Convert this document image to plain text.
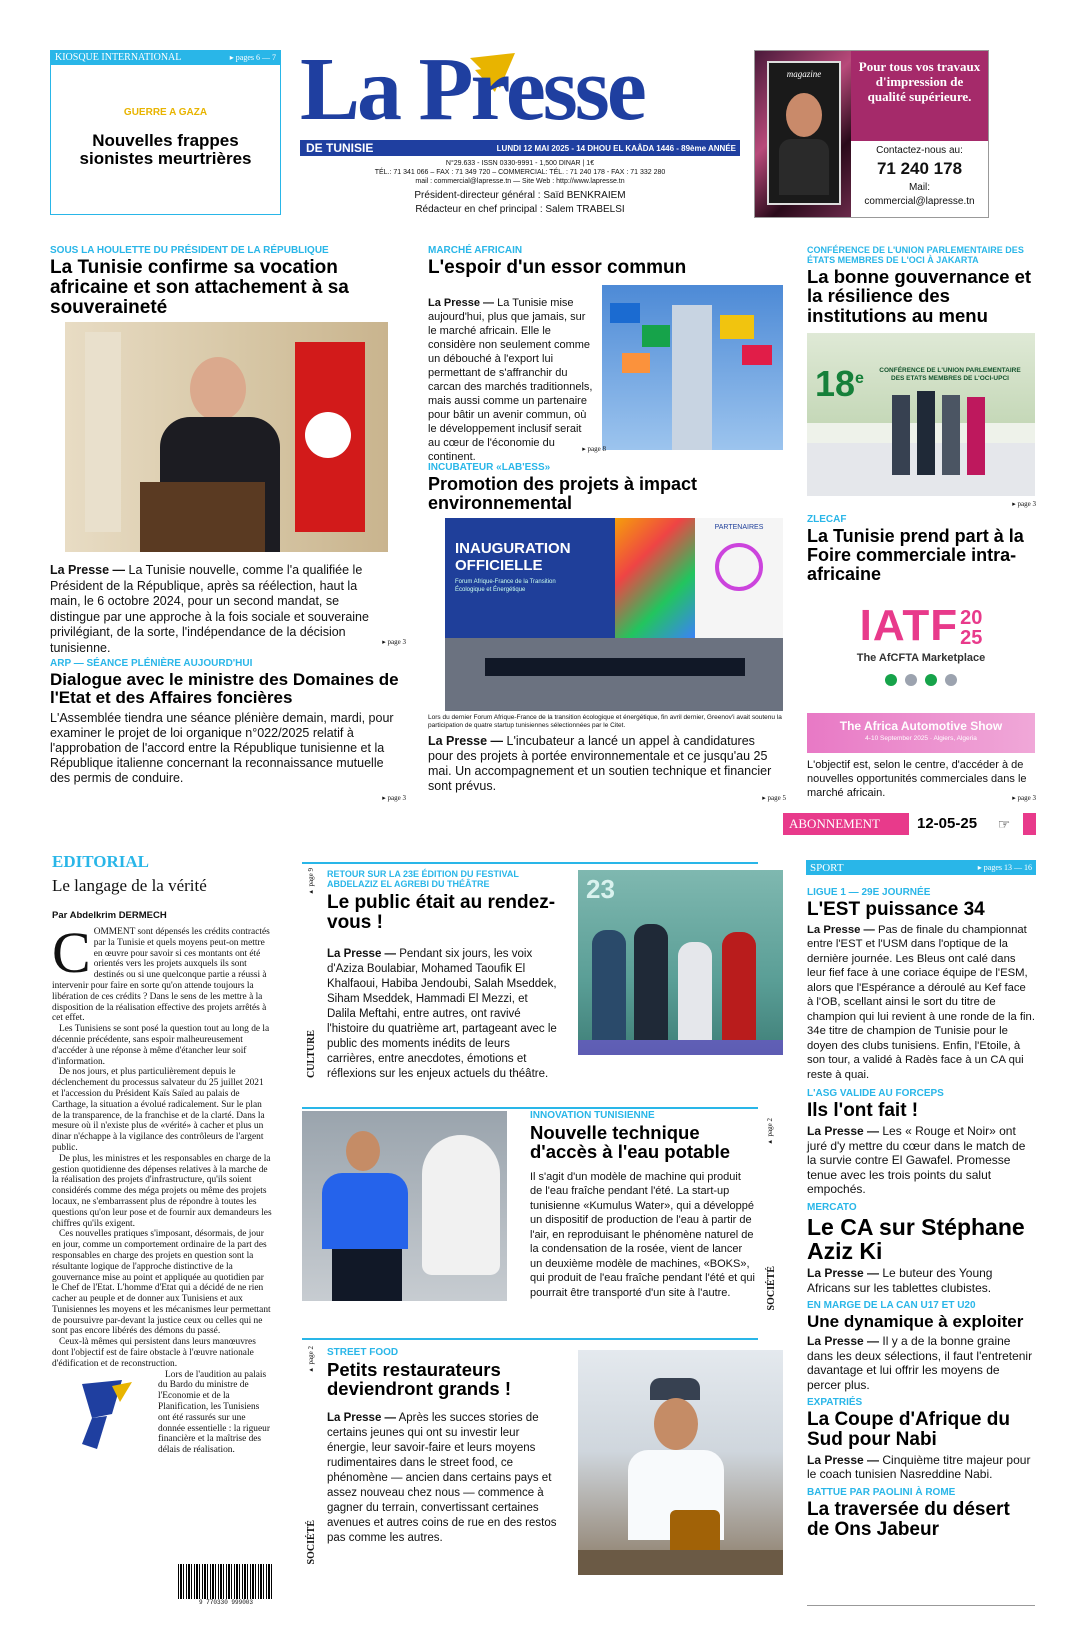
KIOSQUE INTERNATIONAL	▸ pages 6 — 7
GUERRE A GAZA
Nouvelles frappes sionistes meurtrières
La Presse
DE TUNISIE	LUNDI 12 MAI 2025 - 14 DHOU EL KAÂDA 1446 - 89ème ANNÉE
N°29.633 - ISSN 0330-9991 - 1,500 DINAR | 1€
TÉL.: 71 341 066 – FAX : 71 349 720 – COMMERCIAL: TÉL. : 71 240 178 - FAX : 71 332 280
mail : commercial@lapresse.tn — Site Web : http://www.lapresse.tn
Président-directeur général : Saïd BENKRAIEM
Rédacteur en chef principal : Salem TRABELSI
magazine	Pour tous vos travaux d'impression de qualité supérieure.
Contactez-nous au:
71 240 178
Mail:
commercial@lapresse.tn
SOUS LA HOULETTE DU PRÉSIDENT DE LA RÉPUBLIQUE
La Tunisie confirme sa vocation africaine et son attachement à sa souveraineté
La Presse — La Tunisie nouvelle, comme l'a qualifiée le Président de la République, après sa réélection, haut la main, le 6 octobre 2024, pour un second mandat, se distingue par une approche à la fois sociale et souveraine privilégiant, de la sorte, l'indépendance de la décision tunisienne.	▸ page 3
ARP — SÉANCE PLÉNIÈRE AUJOURD'HUI
Dialogue avec le ministre des Domaines de l'Etat et des Affaires foncières
L'Assemblée tiendra une séance plénière demain, mardi, pour examiner le projet de loi organique n°022/2025 relatif à l'approbation de l'accord entre la République tunisienne et la République italienne concernant la reconnaissance mutuelle des permis de conduire.
▸ page 3
MARCHÉ AFRICAIN
L'espoir d'un essor commun
La Presse — La Tunisie mise aujourd'hui, plus que jamais, sur le marché africain. Elle le considère non seulement comme un débouché à l'export lui permettant de s'affranchir du carcan des marchés traditionnels, mais aussi comme un partenaire pour bâtir un avenir commun, où le développement inclusif serait au cœur de l'économie du continent.
▸ page 8
INCUBATEUR «LAB'ESS»
Promotion des projets à impact environnemental
INAUGURATION
OFFICIELLE
Forum Afrique-France de la Transition Écologique et Énergétique
PARTENAIRES
Lors du dernier Forum Afrique-France de la transition écologique et énergétique, fin avril dernier, Greenov'i avait soutenu la participation de quatre startup tunisiennes sélectionnées par le Citet.
La Presse — L'incubateur a lancé un appel à candidatures pour des projets à portée environnementale et ce jusqu'au 25 mai. Un accompagnement et un soutien technique et financier sont prévus.
▸ page 5
CONFÉRENCE DE L'UNION PARLEMENTAIRE DES ÉTATS MEMBRES DE L'OCI À JAKARTA
La bonne gouvernance et la résilience des institutions au menu
18e	CONFÉRENCE DE L'UNION PARLEMENTAIRE DES ETATS MEMBRES DE L'OCI-UPCI
▸ page 3
ZLECAF
La Tunisie prend part à la Foire commerciale intra-africaine
IATF 20
25
The AfCFTA Marketplace
The Africa Automotive Show
4-10 September 2025 · Algiers, Algeria
L'objectif est, selon le centre, d'accéder à de nouvelles opportunités commerciales dans le marché africain.	▸ page 3
ABONNEMENT	12-05-25	☞
EDITORIAL
Le langage de la vérité
Par Abdelkrim DERMECH
C OMMENT sont dépensés les crédits contractés par la Tunisie et quels moyens peut-on mettre en œuvre pour savoir si ces montants ont été orientés vers les projets auxquels ils sont destinés ou si une quelconque partie a réussi à intervenir pour faire en sorte qu'on attende toujours la libération de ces crédits ? Dans le sens de les mettre à la disposition de la réalisation effective des projets arrêtés à cet effet.
Les Tunisiens se sont posé la question tout au long de la décennie précédente, sans espoir malheureusement d'accéder à une réponse à même d'étancher leur soif d'information.
De nos jours, et plus particulièrement depuis le déclenchement du processus salvateur du 25 juillet 2021 et l'accession du Président Kaïs Saïed au palais de Carthage, la situation a évolué radicalement. Sur le plan de la transparence, de la franchise et de la clarté. Dans la mesure où il n'existe plus de «vérité» à cacher et plus un dinar n'échappe à la vigilance des contrôleurs de l'argent public.
De plus, les ministres et les responsables en charge de la gestion quotidienne des dépenses relatives à la marche de la réalisation des projets d'infrastructure, qu'ils soient considérés comme des méga projets ou même des projets locaux, ne s'embarrassent plus de répondre à toutes les questions qu'on leur pose et de fournir aux demandeurs les chiffres qu'ils exigent.
Ces nouvelles pratiques s'imposant, désormais, de jour en jour, comme un comportement ordinaire de la part des responsables en charge des projets en question sont la résultante logique de l'approche distinctive de la gouvernance mise au point et appliquée au quotidien par le Chef de l'Etat. L'homme d'Etat qui a décidé de ne rien cacher au peuple et de donner aux Tunisiens et aux Tunisiennes les moyens et les mécanismes leur permettant de poursuivre par-devant la justice ceux ou celles qui ne sont pas encore libérés des démons du passé.
Ceux-là mêmes qui persistent dans leurs manœuvres dont l'objectif est de faire obstacle à l'œuvre nationale d'édification et de reconstruction.

Lors de l'audition au palais du Bardo du ministre de l'Economie et de la Planification, les Tunisiens ont été rassurés sur une donnée essentielle : la rigueur financière et la maîtrise des délais de réalisation.
9 770330 999003
CULTURE
▸ page 9 RETOUR SUR LA 23E ÉDITION DU FESTIVAL ABDELAZIZ EL AGREBI DU THÉÂTRE
Le public était au rendez-vous !
La Presse — Pendant six jours, les voix d'Aziza Boulabiar, Mohamed Taoufik El Khalfaoui, Habiba Jendoubi, Salah Mseddek, Siham Mseddek, Hammadi El Mezzi, et Dalila Meftahi, entre autres, ont ravivé l'histoire du quatrième art, partageant avec le public des moments inédits de leurs carrières, entre anecdotes, émotions et réflexions sur les enjeux actuels du théâtre.
23
INNOVATION TUNISIENNE
Nouvelle technique d'accès à l'eau potable
Il s'agit d'un modèle de machine qui produit de l'eau fraîche pendant l'été. La start-up tunisienne «Kumulus Water», qui a développé un dispositif de production de l'eau à partir de l'air, en reproduisant le phénomène naturel de la condensation de la rosée, vient de lancer un deuxième modèle de machines, «BOKS», qui produit de l'eau fraîche pendant l'été et qui pourrait être transporté d'un site à l'autre.
▸ page 2
SOCIÉTÉ
▸ page 2
SOCIÉTÉ
STREET FOOD
Petits restaurateurs deviendront grands !
La Presse — Après les succes stories de certains jeunes qui ont su investir leur énergie, leur savoir-faire et leurs moyens rudimentaires dans le street food, ce phénomène — ancien dans certains pays et assez nouveau chez nous — commence à gagner du terrain, convertissant certaines avenues et autres coins de rue en des restos pas comme les autres.
SPORT	▸ pages 13 — 16
LIGUE 1 — 29E JOURNÉE
L'EST puissance 34
La Presse — Pas de finale du championnat entre l'EST et l'USM dans l'optique de la dernière journée. Les Bleus ont calé dans leur fief face à une coriace équipe de l'ESM, alors que l'Espérance a déroulé au Kef face à l'OB, scellant ainsi le sort du titre de champion qui lui revient à une ronde de la fin. 34e titre de champion de Tunisie pour le doyen des clubs tunisiens. Enfin, l'Etoile, à son tour, a validé à Radès face à un CA qui reste à quai.
L'ASG VALIDE AU FORCEPS
Ils l'ont fait !
La Presse — Les « Rouge et Noir» ont juré d'y mettre du cœur dans le match de la survie contre El Gawafel. Promesse tenue avec les trois points du salut empochés.
MERCATO
Le CA sur Stéphane Aziz Ki
La Presse — Le buteur des Young Africans sur les tablettes clubistes.
EN MARGE DE LA CAN U17 ET U20
Une dynamique à exploiter
La Presse — Il y a de la bonne graine dans les deux sélections, il faut l'entretenir davantage et lui offrir les moyens de percer plus.
EXPATRIÉS
La Coupe d'Afrique du Sud pour Nabi
La Presse — Cinquième titre majeur pour le coach tunisien Nasreddine Nabi.
BATTUE PAR PAOLINI À ROME
La traversée du désert de Ons Jabeur
